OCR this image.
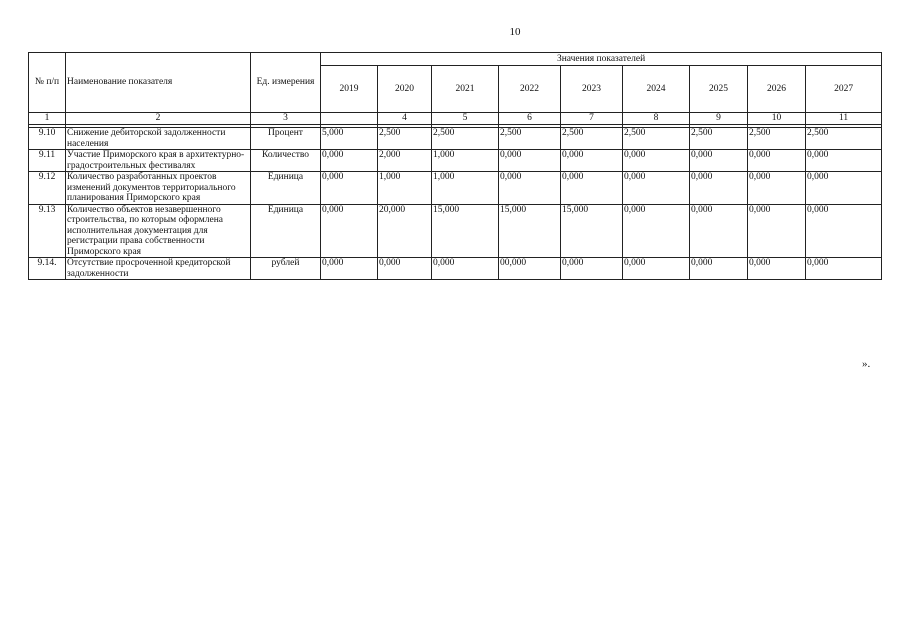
10
№ п/п	Наименование показателя	Ед. измерения	Значения показателей								
			2019	2020	2021	2022	2023	2024	2025	2026	2027
1	2	3		4	5	6	7	8	9	10	11

9.10	Снижение дебиторской задолженности населения	Процент	5,000	2,500	2,500	2,500	2,500	2,500	2,500	2,500	2,500
9.11	Участие Приморского края в архитектурно-градостроительных фестивалях	Количество	0,000	2,000	1,000	0,000	0,000	0,000	0,000	0,000	0,000
9.12	Количество разработанных проектов изменений документов территориального планирования Приморского края	Единица	0,000	1,000	1,000	0,000	0,000	0,000	0,000	0,000	0,000
9.13	Количество объектов незавершенного строительства, по которым оформлена исполнительная документация для регистрации права собственности Приморского края	Единица	0,000	20,000	15,000	15,000	15,000	0,000	0,000	0,000	0,000
9.14.	Отсутствие просроченной кредиторской задолженности	рублей	0,000	0,000	0,000	00,000	0,000	0,000	0,000	0,000	0,000
».
